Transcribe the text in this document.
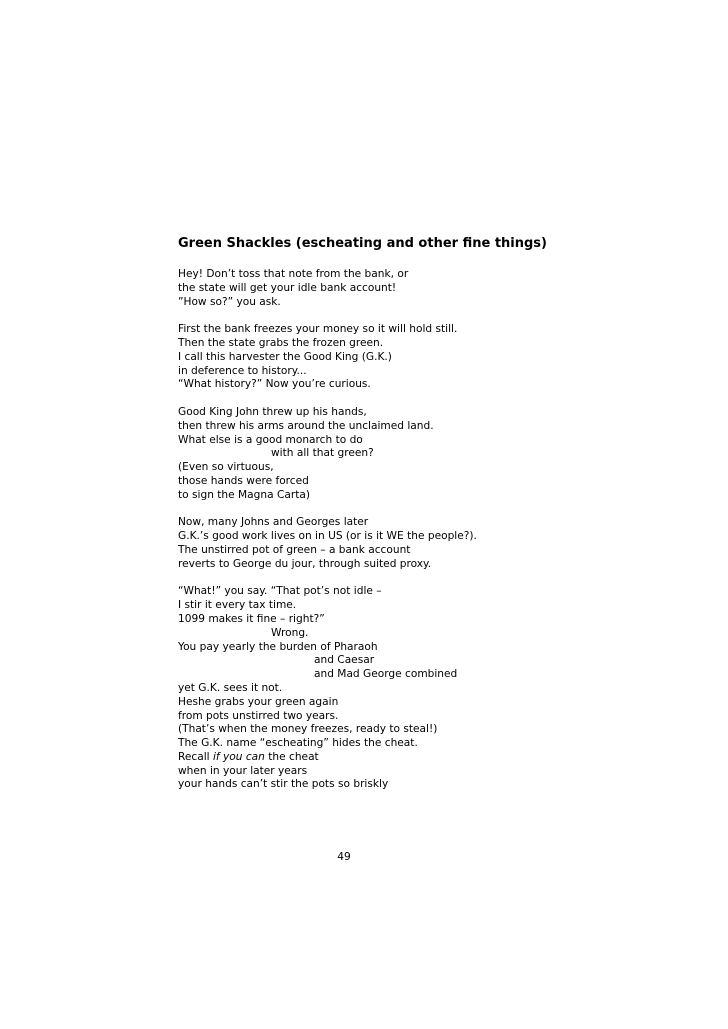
Green Shackles (escheating and other fine things)
Hey! Don’t toss that note from the bank, or
the state will get your idle bank account!
”How so?” you ask.
First the bank freezes your money so it will hold still.
Then the state grabs the frozen green.
I call this harvester the Good King (G.K.)
in deference to history...
“What history?” Now you’re curious.
Good King John threw up his hands,
then threw his arms around the unclaimed land.
What else is a good monarch to do
with all that green?
(Even so virtuous,
those hands were forced
to sign the Magna Carta)
Now, many Johns and Georges later
G.K.’s good work lives on in US (or is it WE the people?).
The unstirred pot of green – a bank account
reverts to George du jour, through suited proxy.
“What!” you say. “That pot’s not idle –
I stir it every tax time.
1099 makes it fine – right?”
Wrong.
You pay yearly the burden of Pharaoh
and Caesar
and Mad George combined
yet G.K. sees it not.
Heshe grabs your green again
from pots unstirred two years.
(That’s when the money freezes, ready to steal!)
The G.K. name “escheating” hides the cheat.
Recall if you can the cheat
when in your later years
your hands can’t stir the pots so briskly
49
